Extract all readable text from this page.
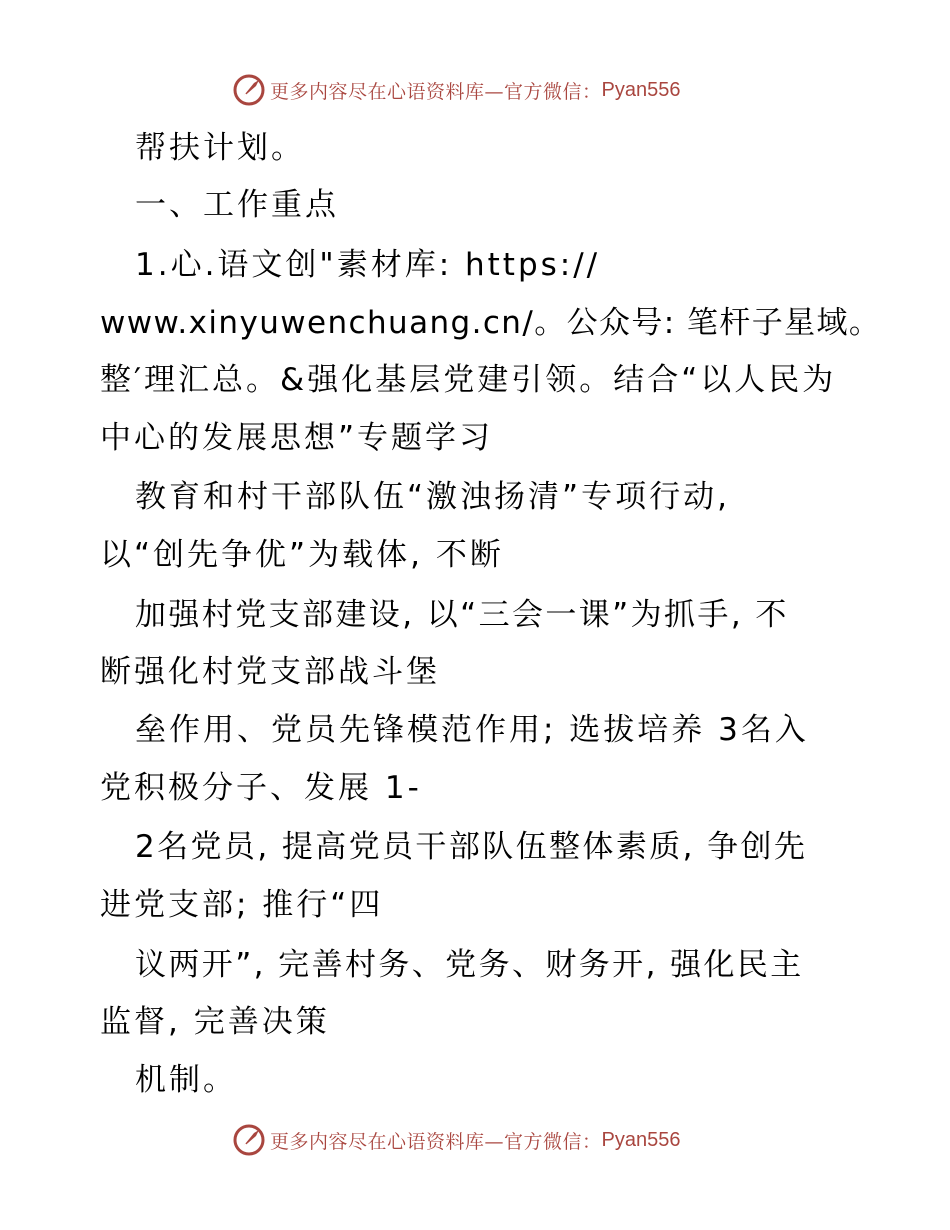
更多内容尽在心语资料库—官方微信： Pyan556

帮扶计划。

一、工作重点

1.心.语文创"素材库: https://

www.xinyuwenchuang.cn/。公众号: 笔杆子星域。

整′理汇总。&强化基层党建引领。结合“以人民为

中心的发展思想”专题学习

教育和村干部队伍“激浊扬清”专项行动,

以“创先争优”为载体, 不断

加强村党支部建设, 以“三会一课”为抓手, 不

断强化村党支部战斗堡

垒作用、党员先锋模范作用; 选拔培养 3名入

党积极分子、发展 1-

2名党员, 提高党员干部队伍整体素质, 争创先

进党支部; 推行“四

议两开”, 完善村务、党务、财务开, 强化民主

监督, 完善决策

机制。

更多内容尽在心语资料库—官方微信： Pyan556
